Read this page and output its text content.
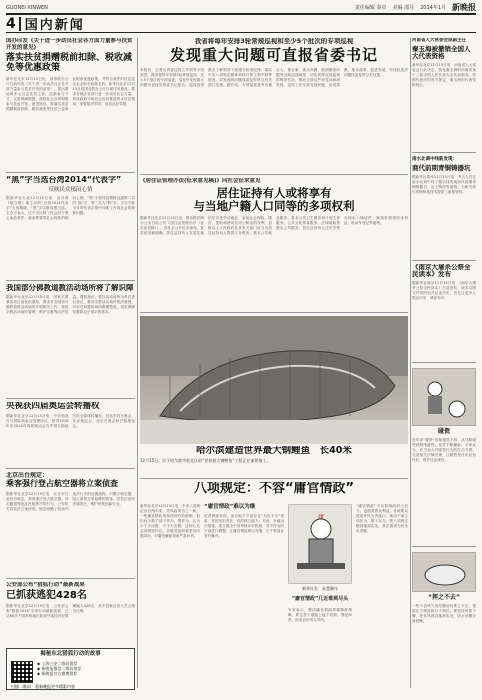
GUONEI XINWEN	责任编辑 秦卓 美编 邵丹 2014年1月 新晚报
4 国内新闻
国办印发《关于进一步动员社会各方面力量参与扶贫开发的意见》
落实扶贫捐赠税前扣除、税收减免等优惠政策
新华社北京12月15日电　国务院办公厅日前印发《关于进一步动员社会各方面力量参与扶贫开发的意见》，提出要培育多元社会扶贫主体，创新参与方式，完善保障措施，鼓励社会各界积极参与扶贫开发。意见指出，要落实扶贫捐赠税前扣除、税收减免等扶贫公益事业税收优惠政策，对符合条件的扶贫龙头企业给予政策支持。新华社北京12月15日电国务院办公厅日前印发意见，要求各地区各部门进一步动员社会力量，形成政府市场社会协同推进的大扶贫格局，加强组织领导，营造良好氛围。
“黑”字当选台湾2014“代表字”
反映民众郁闷心情
据新华社台北12月15日电　由台湾《联合报》系主办的“台湾2014代表字”大选揭晓，“黑”字以最高票当选。主办方表示，这个字反映了民众对于黑心油品事件、政治黑幕等社会现象的郁闷心情。“黑”字获得投票数远超第二名的“换”字，第三名为“假”字，主办方称今年的代表字集中反映了台湾社会的种种问题。
我国部分佛教道教活动场所将了解识障
据新华社北京12月15日电　国家宗教事务局日前发出通知，要求对全国部分佛教道教活动场所开展相关工作，规范宗教活动场所管理，维护宗教界合法权益。通知指出，要以活动场所为单位进行登记，推动宗教活动场所依法管理，对存在问题的场所限期整改，切实保障信教群众正常宗教需求。
央视获四届奥运会转播权
据新华社北京12月15日电　中央电视台与国际奥委会签署协议，获得2018年至2024年四届奥运会在中国大陆地区的全媒体转播权，包括平昌冬奥会、东京奥运会、北京冬奥会和巴黎奥运会。
北京出台规定：
乘客强行登占航空器将立案侦查
据新华社北京12月15日电　北京市日前出台规定，乘客强行登占航空器、冲击跑道等扰乱民航秩序的行为，公安机关将依法立案侦查。规定明确了机场内违法行为的处置流程，对霸占航空器、阻止航班正常起降的旅客，将依法追究法律责任，维护民航运输安全。
公安部公布“猎狐行动”最新战果
已抓获逃犯428名
据新华社北京12月15日电　公安部公布“猎狐2014”专项行动最新战果，已从60多个国家和地区抓获外逃经济犯罪嫌疑人428名，其中投案自首人员占相当比例。
揭秘东北猎狐行动的故事
◆ 上海公安二维码推荐
◆ 新晚报微信二维码推荐
◆ 新晚报官方微博推荐
扫描二维码　 看新晚报更多精彩内容
我省将每年安排3轮常规巡视和至少5个批次的专项巡视
发现重大问题可直报省委书记
本报讯　记者从省委巡视工作领导小组获悉，我省将每年安排3轮常规巡视，至少5个批次的专项巡视，巡视中发现重大问题可直接向省委书记报告。巡视组将重点了解领导干部遵守政治纪律、落实中央八项规定精神和执行民主集中制等情况，对发现的问题线索及时移交有关部门处理。据介绍，专项巡视将突出重点人、重点事、重点问题，做到哪里问题突出就巡视哪里，切实发挥巡视监督的利剑作用，推动全面从严治党向纵深发展。巡视工作坚持发现问题、形成震慑，推动改革、促进发展，对违纪违法问题线索及时分类处置。
《居住证管理办法(征求意见稿)》向社会征求意见
居住证持有人或将享有
与当地户籍人口同等的多项权利
据新华社北京12月15日电　国务院法制办公室日前公布《居住证管理办法（征求意见稿）》，向社会公开征求意见。征求意见稿明确，居住证持有人在居住地依法享受劳动就业，参加社会保险，缴存、提取和使用住房公积金的权利，县级以上人民政府及其有关部门应当为居住证持有人提供义务教育、基本公共就业服务、基本公共卫生服务和计划生育服务、公共文化体育服务、法律援助等基本公共服务。居住证持有人还可享受办理出入境证件、换领补领居民身份证、机动车登记等便利。
哈尔滨建造世界最大钢鲤鱼　长40米
12月15日，位于哈尔滨市松北区的“世界最大钢鲤鱼”工程正在加紧施工。
八项规定：不容“庸官情政”
新华社北京12月15日电　中央八项规定出台两年来，党风政风为之一新，一些庸官情政现象得到有效遏制。但仍有少数干部不作为、慢作为，认为少干少出错、不干不出错，这种心态必须彻底纠正。各级党组织要坚持问题导向，对庸官懒政现象严肃问责。
“庸官情政”难以为继
记者调查发现，部分地方干部存在“为官不为”现象，有的怕担责任，有的缺乏能力。对此，多地出台措施，建立健全干部考核评价机制，对不作为的干部进行调整，让庸官情政难以为继，让干事创业者有舞台。
庸
新华社发　朱慧卿作
“庸官情政”几近难到尽头
专家表示，整治庸官情政需要制度保障，要完善干部能上能下机制，强化问责，形成良好用人导向。
“庸官情政”不仅影响政府公信力，也损害群众利益。各地要以改进作风为突破口，推动干部主动作为、敢于担当，把八项规定精神落到实处，真正做到为民务实清廉。
河南省人大常委会原副主任
秦玉海被撤销全国人大代表资格
新华社北京12月15日电　河南省人大常委会日前决定，罢免秦玉海的河南省第十二届全国人民代表大会代表职务。依照代表法的有关规定，秦玉海的代表资格终止。
南水北调中线新发现：
商代前期青铜铸器坑
据新华社郑州12月15日电　考古人员在南水北调中线工程沿线发现商代前期青铜铸器坑，出土陶范等遗物，为研究商代青铜铸造技术提供了重要资料。
《南京大屠杀公祭全民读本》发布
据新华社南京12月15日电　《南京大屠杀公祭全民读本》日前发布，读本以图文并茂的形式记录历史，旨在让更多人铭记历史、珍爱和平。
碰瓷
近年来“碰瓷”现象屡见不鲜，从马路碰瓷到网络碰瓷，花样不断翻新。专家认为，应当加大对碰瓷行为的打击力度，完善相关法律法规，让碰瓷者付出应有代价，维护社会诚信。
“挥之不去”
一些不良风气虽经整治仍挥之不去，根源在于制度执行不到位。要坚持常抓不懈，把作风建设落到实处，防止问题反弹回潮。
